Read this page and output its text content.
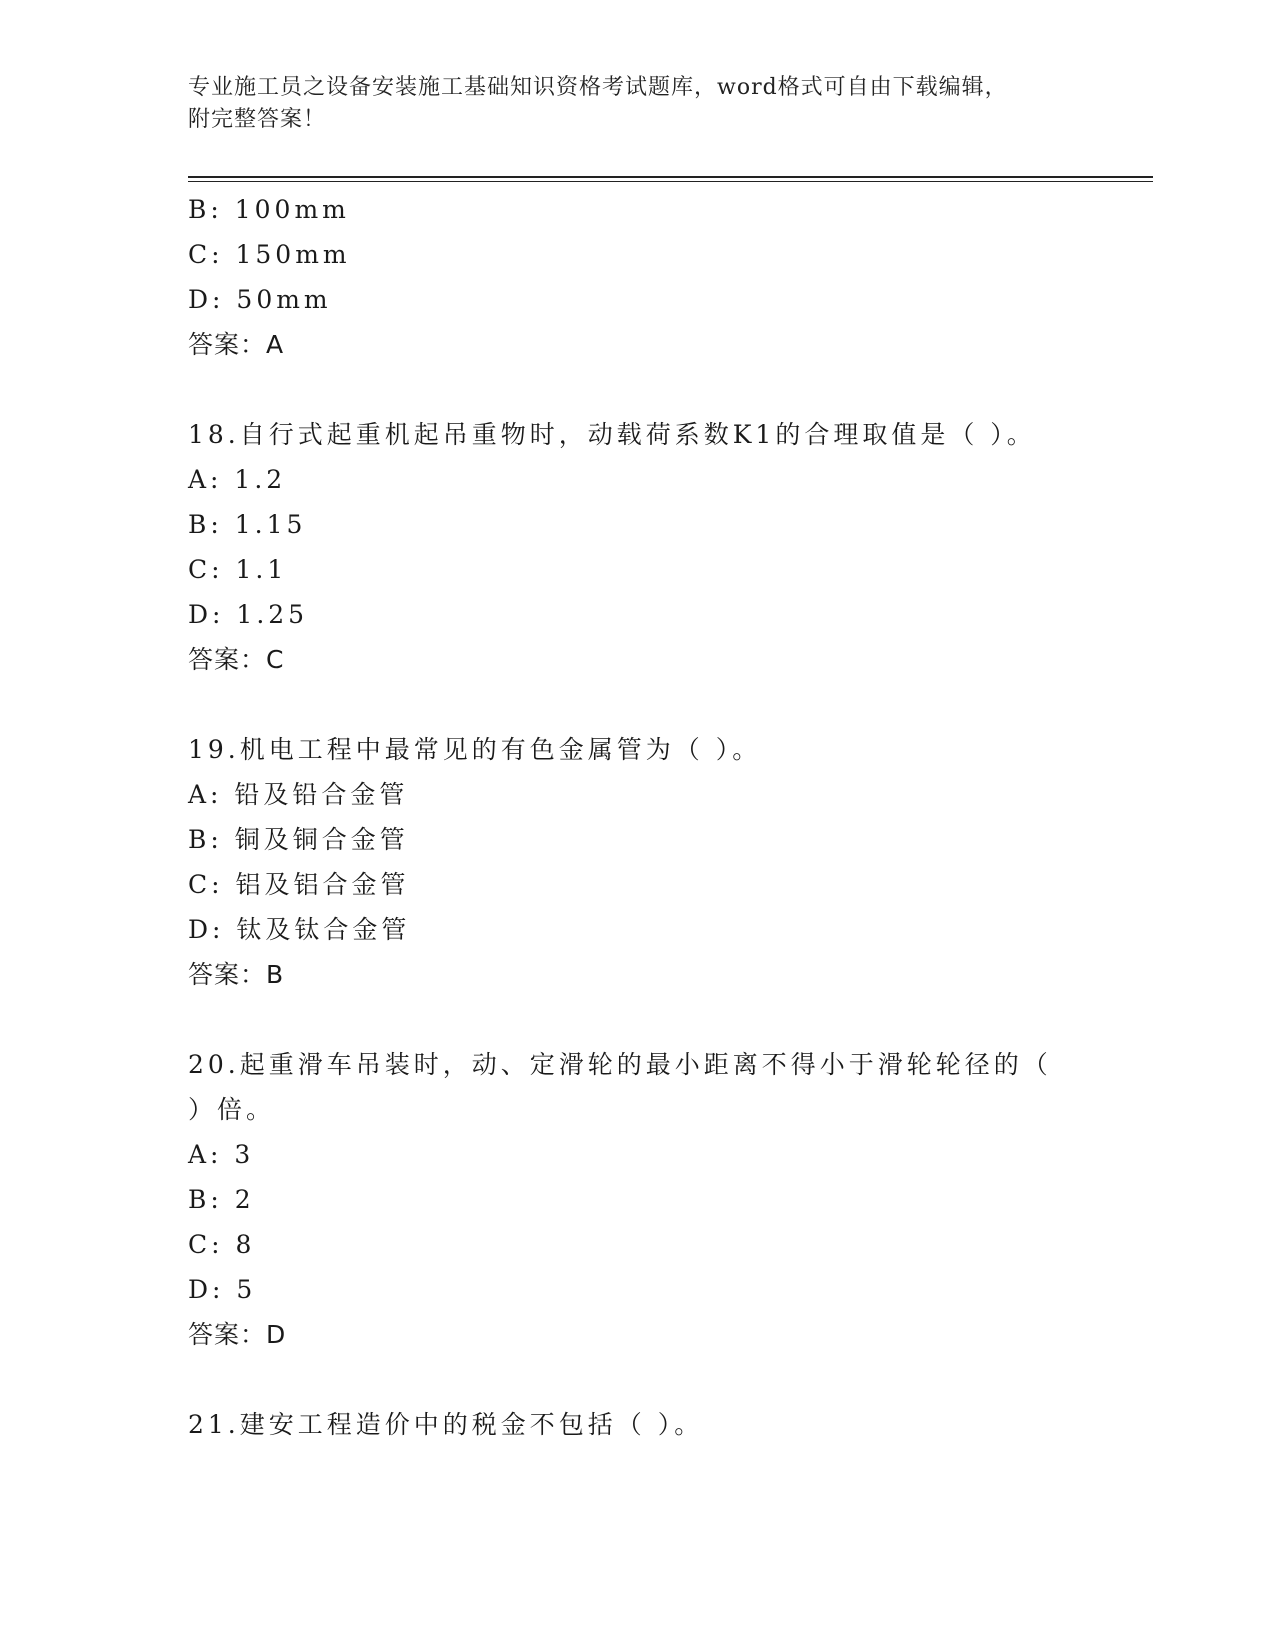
专业施工员之设备安装施工基础知识资格考试题库，word格式可自由下载编辑，
附完整答案！
B: 100mm
C: 150mm
D: 50mm
答案：A
18.自行式起重机起吊重物时，动载荷系数K1的合理取值是（ ）。
A: 1.2
B: 1.15
C: 1.1
D: 1.25
答案：C
19.机电工程中最常见的有色金属管为（ ）。
A: 铅及铅合金管
B: 铜及铜合金管
C: 铝及铝合金管
D: 钛及钛合金管
答案：B
20.起重滑车吊装时，动、定滑轮的最小距离不得小于滑轮轮径的（
）倍。
A: 3
B: 2
C: 8
D: 5
答案：D
21.建安工程造价中的税金不包括（ ）。
